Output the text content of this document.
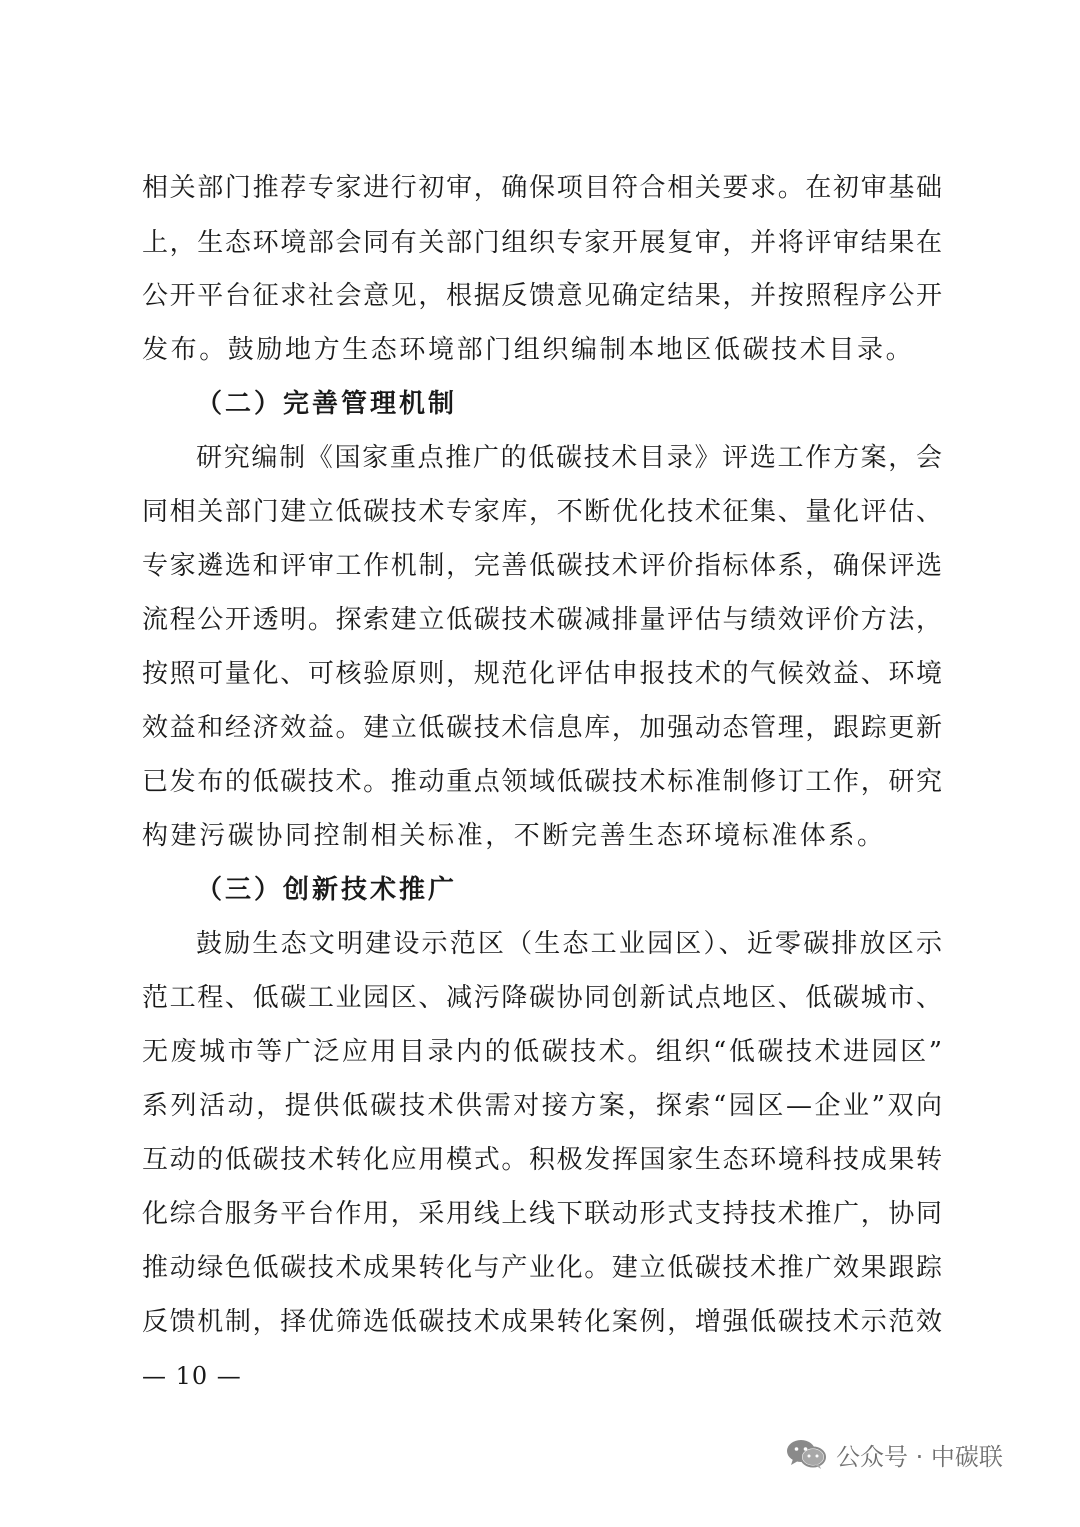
相关部门推荐专家进行初审，确保项目符合相关要求。在初审基础
上，生态环境部会同有关部门组织专家开展复审，并将评审结果在
公开平台征求社会意见，根据反馈意见确定结果，并按照程序公开
发布。鼓励地方生态环境部门组织编制本地区低碳技术目录。
（二）完善管理机制
研究编制《国家重点推广的低碳技术目录》评选工作方案，会
同相关部门建立低碳技术专家库，不断优化技术征集、量化评估、
专家遴选和评审工作机制，完善低碳技术评价指标体系，确保评选
流程公开透明。探索建立低碳技术碳减排量评估与绩效评价方法，
按照可量化、可核验原则，规范化评估申报技术的气候效益、环境
效益和经济效益。建立低碳技术信息库，加强动态管理，跟踪更新
已发布的低碳技术。推动重点领域低碳技术标准制修订工作，研究
构建污碳协同控制相关标准，不断完善生态环境标准体系。
（三）创新技术推广
鼓励生态文明建设示范区（生态工业园区）、近零碳排放区示
范工程、低碳工业园区、减污降碳协同创新试点地区、低碳城市、
无废城市等广泛应用目录内的低碳技术。组织“低碳技术进园区”
系列活动，提供低碳技术供需对接方案，探索“园区—企业”双向
互动的低碳技术转化应用模式。积极发挥国家生态环境科技成果转
化综合服务平台作用，采用线上线下联动形式支持技术推广，协同
推动绿色低碳技术成果转化与产业化。建立低碳技术推广效果跟踪
反馈机制，择优筛选低碳技术成果转化案例，增强低碳技术示范效
— 10 —
公众号 · 中碳联
